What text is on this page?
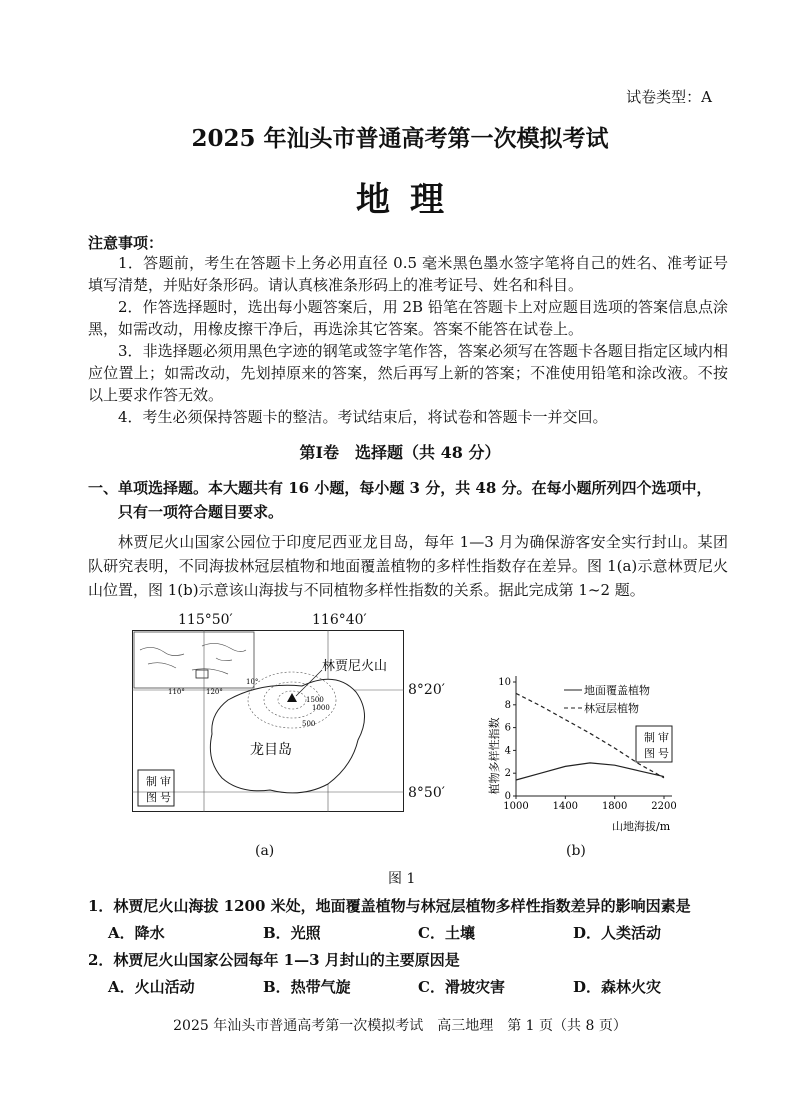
试卷类型：A
2025 年汕头市普通高考第一次模拟考试
地理
注意事项：

1．答题前，考生在答题卡上务必用直径 0.5 毫米黑色墨水签字笔将自己的姓名、准考证号填写清楚，并贴好条形码。请认真核准条形码上的准考证号、姓名和科目。

2．作答选择题时，选出每小题答案后，用 2B 铅笔在答题卡上对应题目选项的答案信息点涂黑，如需改动，用橡皮擦干净后，再选涂其它答案。答案不能答在试卷上。

3．非选择题必须用黑色字迹的钢笔或签字笔作答，答案必须写在答题卡各题目指定区域内相应位置上；如需改动，先划掉原来的答案，然后再写上新的答案；不准使用铅笔和涂改液。不按以上要求作答无效。

4．考生必须保持答题卡的整洁。考试结束后，将试卷和答题卡一并交回。

第Ⅰ卷　选择题（共 48 分）
一、单项选择题。本大题共有 16 小题，每小题 3 分，共 48 分。在每小题所列四个选项中，
只有一项符合题目要求。

林贾尼火山国家公园位于印度尼西亚龙目岛，每年 1—3 月为确保游客安全实行封山。某团队研究表明，不同海拔林冠层植物和地面覆盖植物的多样性指数存在差异。图 1(a)示意林贾尼火山位置，图 1(b)示意该山海拔与不同植物多样性指数的关系。据此完成第 1~2 题。

110°	120°
10°
500
1000
1500
林贾尼火山
龙目岛
制 审
图 号
115°50′	116°40′
8°20′
8°50′
1000 1400 1800 2200
0
2
4
6
8
10
地面覆盖植物
林冠层植物
制 审
图 号
山地海拔/m
植物多样性指数
(a)	(b)
图 1
1．林贾尼火山海拔 1200 米处，地面覆盖植物与林冠层植物多样性指数差异的影响因素是
A．降水	B．光照	C．土壤	D．人类活动
2．林贾尼火山国家公园每年 1—3 月封山的主要原因是
A．火山活动	B．热带气旋	C．滑坡灾害	D．森林火灾
2025 年汕头市普通高考第一次模拟考试　高三地理　第 1 页（共 8 页）
